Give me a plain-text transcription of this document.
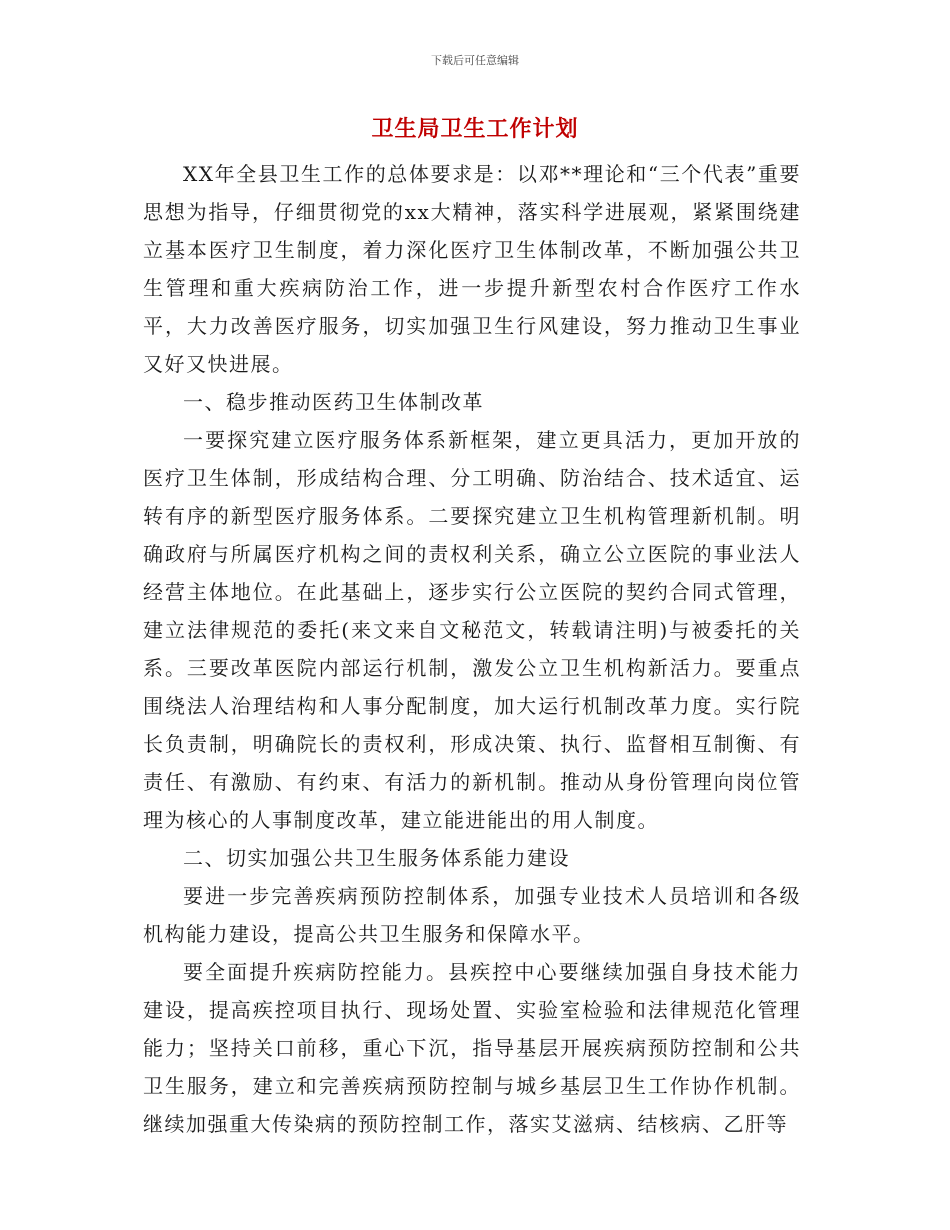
下载后可任意编辑
卫生局卫生工作计划

XX年全县卫生工作的总体要求是：以邓**理论和“三个代表”重要思想为指导，仔细贯彻党的xx大精神，落实科学进展观，紧紧围绕建立基本医疗卫生制度，着力深化医疗卫生体制改革，不断加强公共卫生管理和重大疾病防治工作，进一步提升新型农村合作医疗工作水平，大力改善医疗服务，切实加强卫生行风建设，努力推动卫生事业又好又快进展。

一、稳步推动医药卫生体制改革

一要探究建立医疗服务体系新框架，建立更具活力，更加开放的医疗卫生体制，形成结构合理、分工明确、防治结合、技术适宜、运转有序的新型医疗服务体系。二要探究建立卫生机构管理新机制。明确政府与所属医疗机构之间的责权利关系，确立公立医院的事业法人经营主体地位。在此基础上，逐步实行公立医院的契约合同式管理，建立法律规范的委托(来文来自文秘范文，转载请注明)与被委托的关系。三要改革医院内部运行机制，激发公立卫生机构新活力。要重点围绕法人治理结构和人事分配制度，加大运行机制改革力度。实行院长负责制，明确院长的责权利，形成决策、执行、监督相互制衡、有责任、有激励、有约束、有活力的新机制。推动从身份管理向岗位管理为核心的人事制度改革，建立能进能出的用人制度。

二、切实加强公共卫生服务体系能力建设

要进一步完善疾病预防控制体系，加强专业技术人员培训和各级机构能力建设，提高公共卫生服务和保障水平。

要全面提升疾病防控能力。县疾控中心要继续加强自身技术能力建设，提高疾控项目执行、现场处置、实验室检验和法律规范化管理能力；坚持关口前移，重心下沉，指导基层开展疾病预防控制和公共卫生服务，建立和完善疾病预防控制与城乡基层卫生工作协作机制。继续加强重大传染病的预防控制工作，落实艾滋病、结核病、乙肝等
